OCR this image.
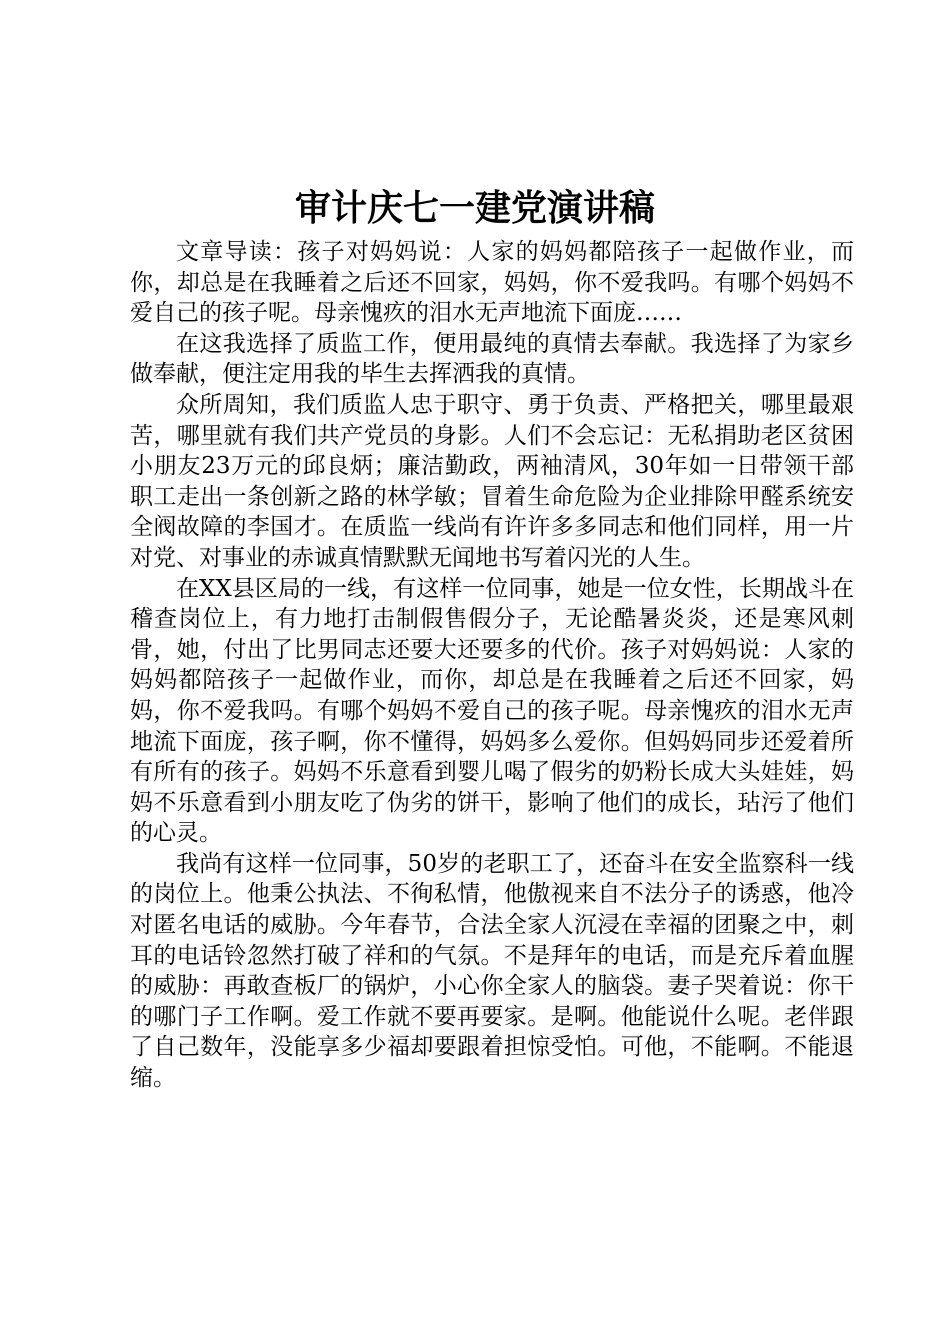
审计庆七一建党演讲稿

文章导读：孩子对妈妈说：人家的妈妈都陪孩子一起做作业，而你，却总是在我睡着之后还不回家，妈妈，你不爱我吗。有哪个妈妈不爱自己的孩子呢。母亲愧疚的泪水无声地流下面庞……

在这我选择了质监工作，便用最纯的真情去奉献。我选择了为家乡做奉献，便注定用我的毕生去挥洒我的真情。

众所周知，我们质监人忠于职守、勇于负责、严格把关，哪里最艰苦，哪里就有我们共产党员的身影。人们不会忘记：无私捐助老区贫困小朋友23万元的邱良炳；廉洁勤政，两袖清风，30年如一日带领干部职工走出一条创新之路的林学敏；冒着生命危险为企业排除甲醛系统安全阀故障的李国才。在质监一线尚有许许多多同志和他们同样，用一片对党、对事业的赤诚真情默默无闻地书写着闪光的人生。

在XX县区局的一线，有这样一位同事，她是一位女性，长期战斗在稽查岗位上，有力地打击制假售假分子，无论酷暑炎炎，还是寒风刺骨，她，付出了比男同志还要大还要多的代价。孩子对妈妈说：人家的妈妈都陪孩子一起做作业，而你，却总是在我睡着之后还不回家，妈妈，你不爱我吗。有哪个妈妈不爱自己的孩子呢。母亲愧疚的泪水无声地流下面庞，孩子啊，你不懂得，妈妈多么爱你。但妈妈同步还爱着所有所有的孩子。妈妈不乐意看到婴儿喝了假劣的奶粉长成大头娃娃，妈妈不乐意看到小朋友吃了伪劣的饼干，影响了他们的成长，玷污了他们的心灵。

我尚有这样一位同事，50岁的老职工了，还奋斗在安全监察科一线的岗位上。他秉公执法、不徇私情，他傲视来自不法分子的诱惑，他冷对匿名电话的威胁。今年春节，合法全家人沉浸在幸福的团聚之中，刺耳的电话铃忽然打破了祥和的气氛。不是拜年的电话，而是充斥着血腥的威胁：再敢查板厂的锅炉，小心你全家人的脑袋。妻子哭着说：你干的哪门子工作啊。爱工作就不要再要家。是啊。他能说什么呢。老伴跟了自己数年，没能享多少福却要跟着担惊受怕。可他，不能啊。不能退缩。
